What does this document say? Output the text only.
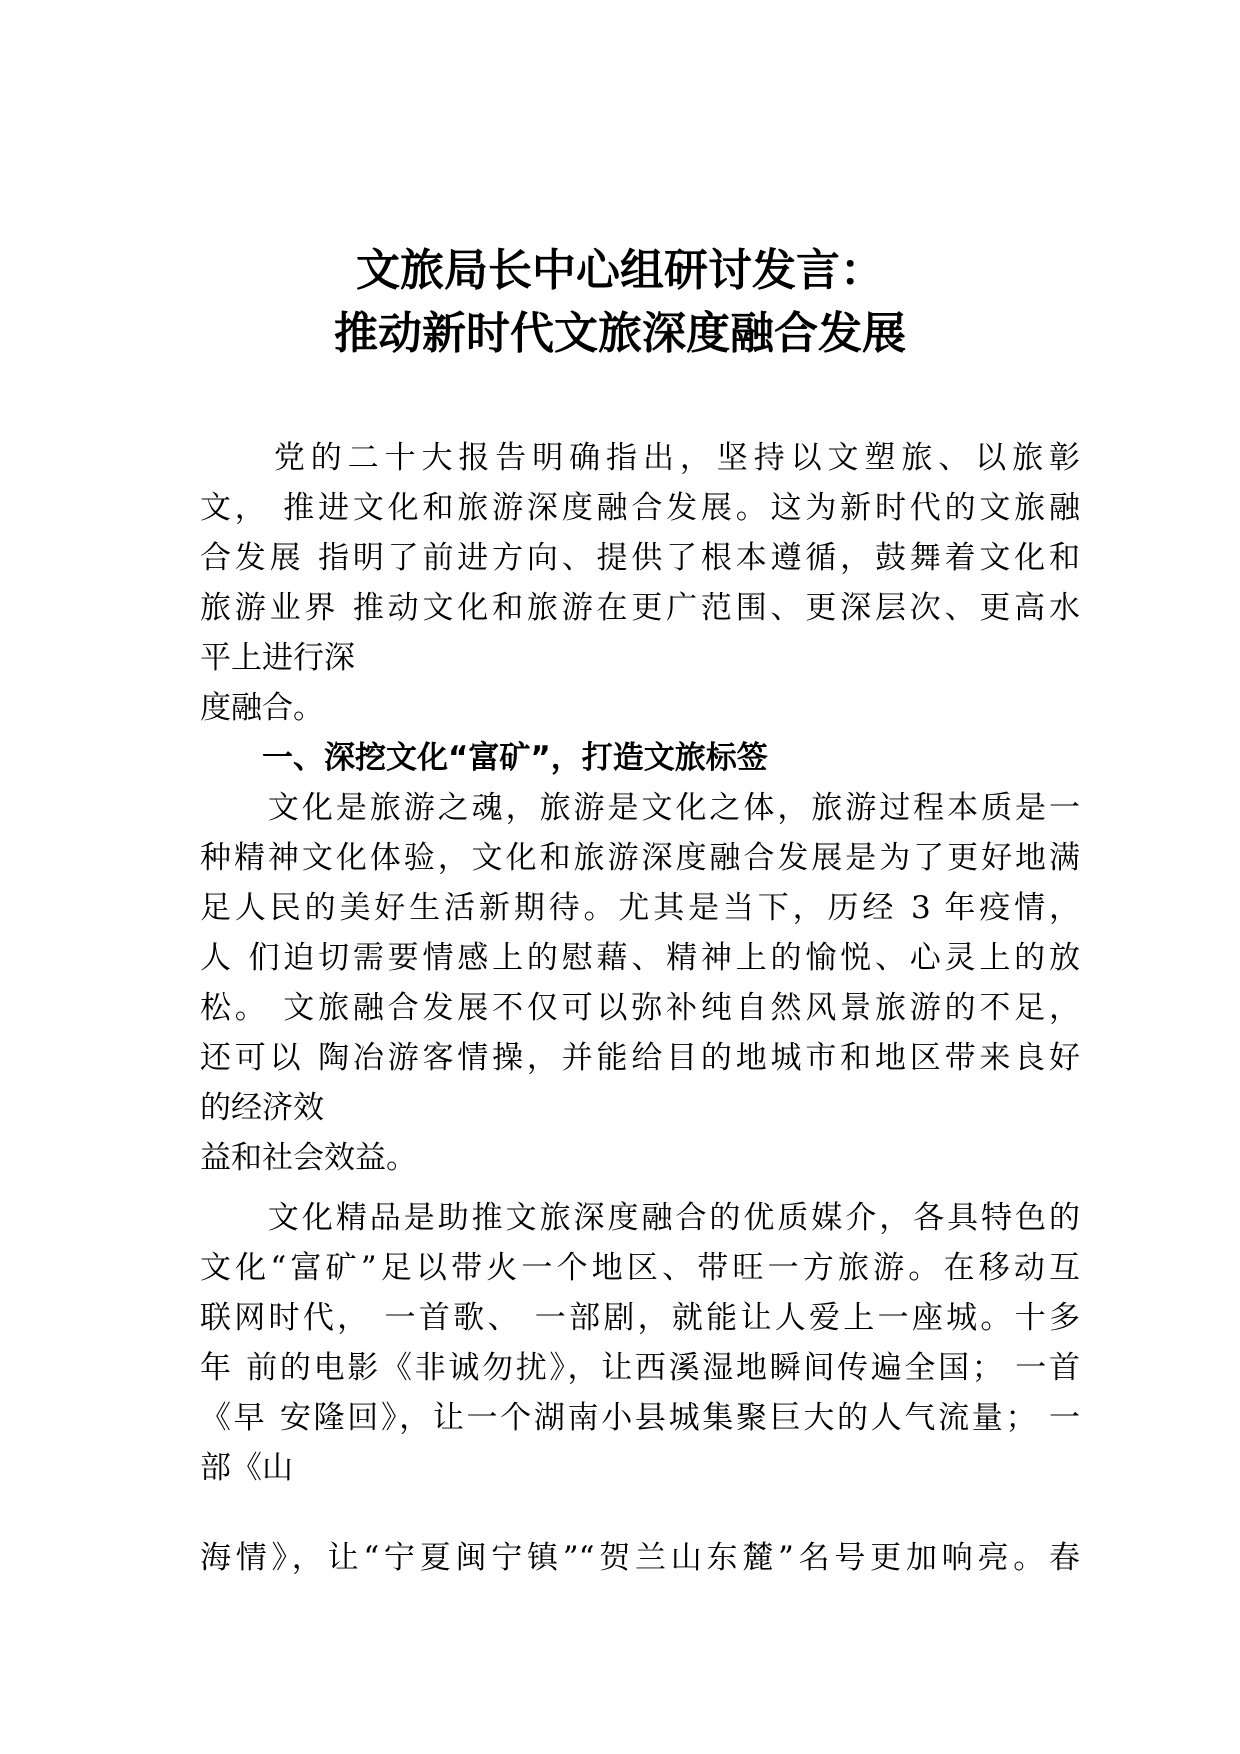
文旅局长中心组研讨发言：
推动新时代文旅深度融合发展
　　党的二十大报告明确指出，坚持以文塑旅、以旅彰
文， 推进文化和旅游深度融合发展。这为新时代的文旅融
合发展 指明了前进方向、提供了根本遵循，鼓舞着文化和
旅游业界 推动文化和旅游在更广范围、更深层次、更高水
平上进行深
度融合。
一、深挖文化“富矿”，打造文旅标签
　　文化是旅游之魂，旅游是文化之体，旅游过程本质是一
种精神文化体验，文化和旅游深度融合发展是为了更好地满
足人民的美好生活新期待。尤其是当下，历经 3 年疫情，
人 们迫切需要情感上的慰藉、精神上的愉悦、心灵上的放
松。 文旅融合发展不仅可以弥补纯自然风景旅游的不足，
还可以 陶冶游客情操，并能给目的地城市和地区带来良好
的经济效
益和社会效益。
　　文化精品是助推文旅深度融合的优质媒介，各具特色的
文化“富矿”足以带火一个地区、带旺一方旅游。在移动互
联网时代， 一首歌、 一部剧，就能让人爱上一座城。十多
年 前的电影《非诚勿扰》，让西溪湿地瞬间传遍全国； 一首
《早 安隆回》，让一个湖南小县城集聚巨大的人气流量； 一
部《山
海情》，让“宁夏闽宁镇”“贺兰山东麓”名号更加响亮。春
